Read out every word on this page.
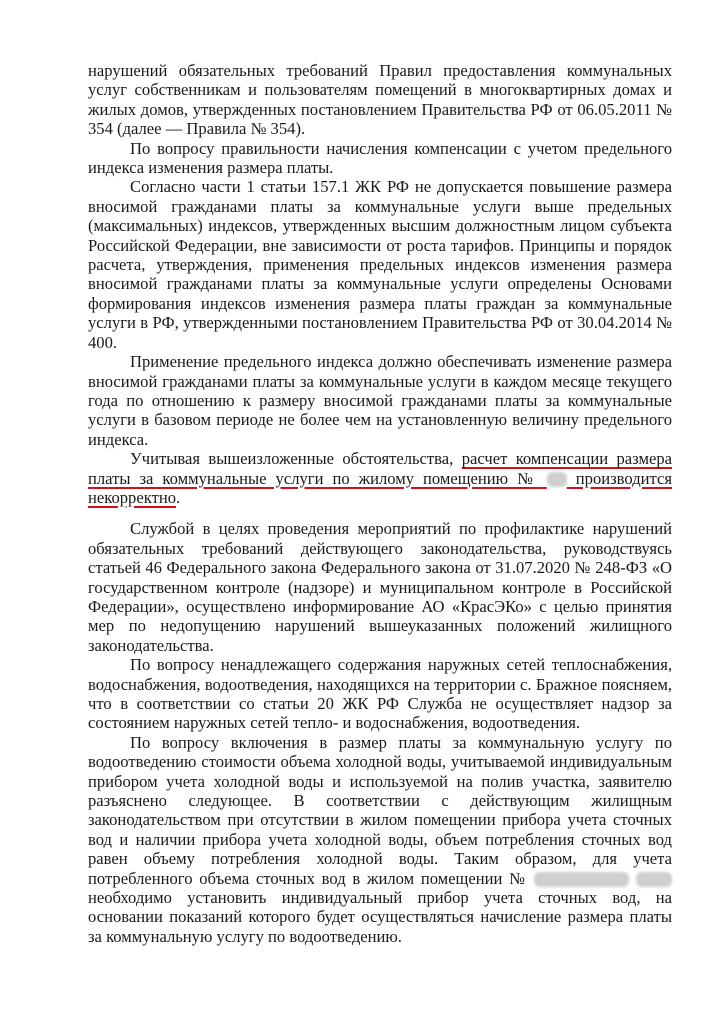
нарушений обязательных требований Правил предоставления коммунальных услуг собственникам и пользователям помещений в многоквартирных домах и жилых домов, утвержденных постановлением Правительства РФ от 06.05.2011 № 354 (далее — Правила № 354).

По вопросу правильности начисления компенсации с учетом предельного индекса изменения размера платы.

Согласно части 1 статьи 157.1 ЖК РФ не допускается повышение размера вносимой гражданами платы за коммунальные услуги выше предельных (максимальных) индексов, утвержденных высшим должностным лицом субъекта Российской Федерации, вне зависимости от роста тарифов. Принципы и порядок расчета, утверждения, применения предельных индексов изменения размера вносимой гражданами платы за коммунальные услуги определены Основами формирования индексов изменения размера платы граждан за коммунальные услуги в РФ, утвержденными постановлением Правительства РФ от 30.04.2014 № 400.

Применение предельного индекса должно обеспечивать изменение размера вносимой гражданами платы за коммунальные услуги в каждом месяце текущего года по отношению к размеру вносимой гражданами платы за коммунальные услуги в базовом периоде не более чем на установленную величину предельного индекса.

Учитывая вышеизложенные обстоятельства, расчет компенсации размера платы за коммунальные услуги по жилому помещению №  производится некорректно.

Службой в целях проведения мероприятий по профилактике нарушений обязательных требований действующего законодательства, руководствуясь статьей 46 Федерального закона Федерального закона от 31.07.2020 № 248-ФЗ «О государственном контроле (надзоре) и муниципальном контроле в Российской Федерации», осуществлено информирование АО «КрасЭКо» с целью принятия мер по недопущению нарушений вышеуказанных положений жилищного законодательства.

По вопросу ненадлежащего содержания наружных сетей теплоснабжения, водоснабжения, водоотведения, находящихся на территории с. Бражное поясняем, что в соответствии со статьи 20 ЖК РФ Служба не осуществляет надзор за состоянием наружных сетей тепло- и водоснабжения, водоотведения.

По вопросу включения в размер платы за коммунальную услугу по водоотведению стоимости объема холодной воды, учитываемой индивидуальным прибором учета холодной воды и используемой на полив участка, заявителю разъяснено следующее. В соответствии с действующим жилищным законодательством при отсутствии в жилом помещении прибора учета сточных вод и наличии прибора учета холодной воды, объем потребления сточных вод равен объему потребления холодной воды. Таким образом, для учета потребленного объема сточных вод в жилом помещении №   необходимо установить индивидуальный прибор учета сточных вод, на основании показаний которого будет осуществляться начисление размера платы за коммунальную услугу по водоотведению.
